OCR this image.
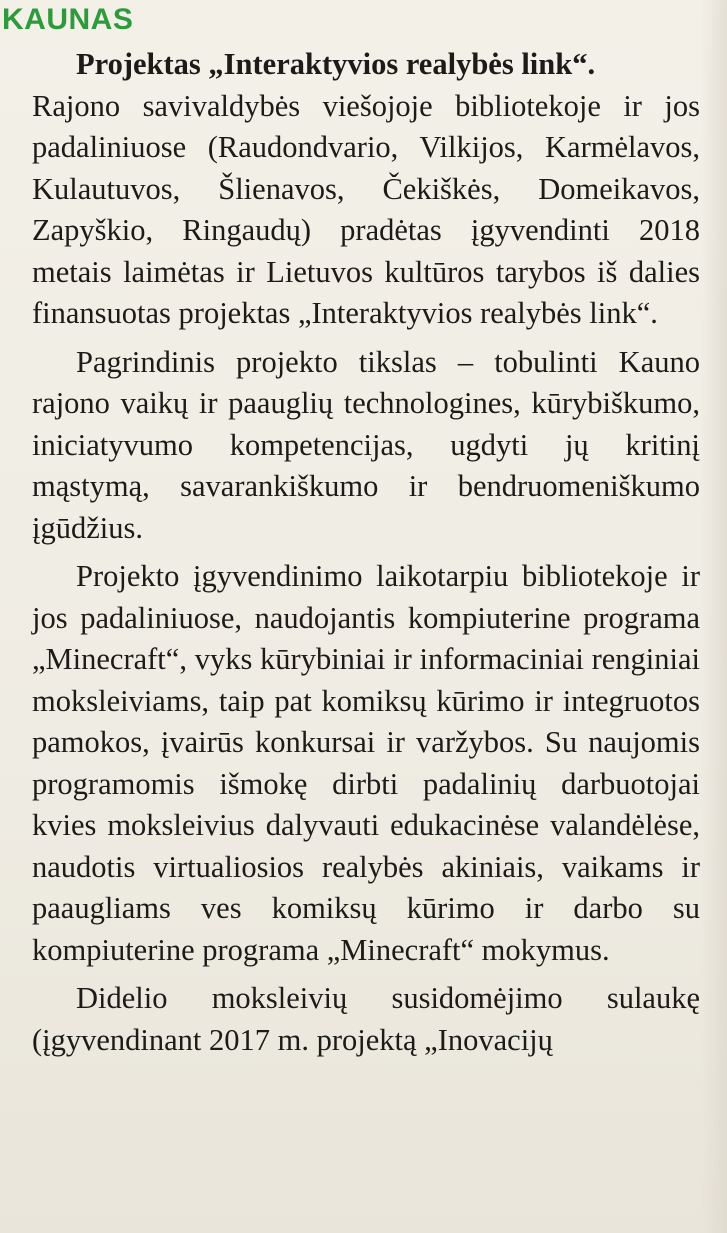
KAUNAS

Projektas „Interaktyvios realybės link“. Rajono savivaldybės viešojoje bibliotekoje ir jos padaliniuose (Raudondvario, Vilkijos, Karmėlavos, Kulautuvos, Šlienavos, Čekiškės, Domeikavos, Zapyškio, Ringaudų) pradėtas įgyvendinti 2018 metais laimėtas ir Lietuvos kultūros tarybos iš dalies finansuotas projektas „Interaktyvios realybės link“.

Pagrindinis projekto tikslas – tobulinti Kauno rajono vaikų ir paauglių technologines, kūrybiškumo, iniciatyvumo kompetencijas, ugdyti jų kritinį mąstymą, savarankiškumo ir bendruomeniškumo įgūdžius.

Projekto įgyvendinimo laikotarpiu bibliotekoje ir jos padaliniuose, naudojantis kompiuterine programa „Minecraft“, vyks kūrybiniai ir informaciniai renginiai moksleiviams, taip pat komiksų kūrimo ir integruotos pamokos, įvairūs konkursai ir varžybos. Su naujomis programomis išmokę dirbti padalinių darbuotojai kvies moksleivius dalyvauti edukacinėse valandėlėse, naudotis virtualiosios realybės akiniais, vaikams ir paaugliams ves komiksų kūrimo ir darbo su kompiuterine programa „Minecraft“ mokymus.

Didelio moksleivių susidomėjimo sulaukę (įgyvendinant 2017 m. projektą „Inovacijų
